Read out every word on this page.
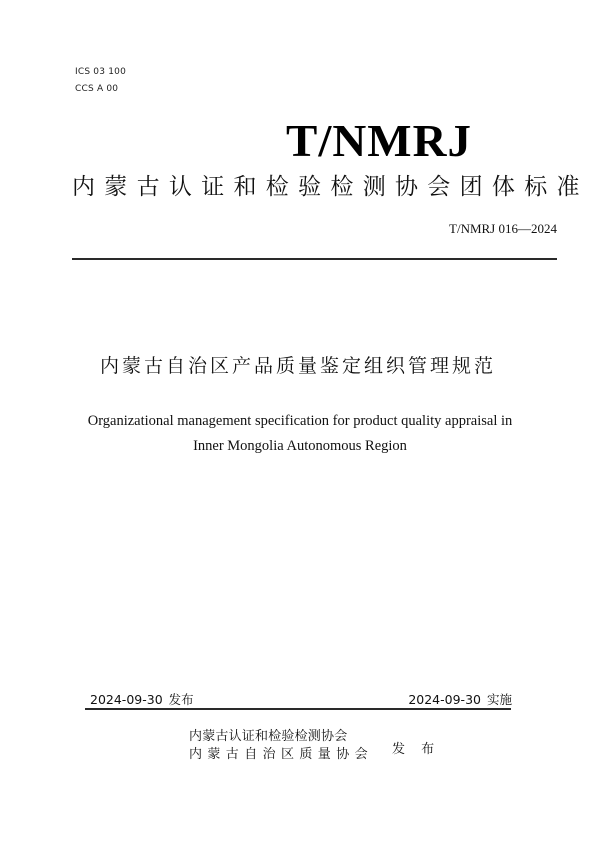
ICS 03 100
CCS A 00
T/NMRJ
内蒙古认证和检验检测协会团体标准
T/NMRJ 016—2024
内蒙古自治区产品质量鉴定组织管理规范
Organizational management specification for product quality appraisal in
Inner Mongolia Autonomous Region
2024-09-30 发布	2024-09-30 实施
内蒙古认证和检验检测协会
内蒙古自治区质量协会 发 布
